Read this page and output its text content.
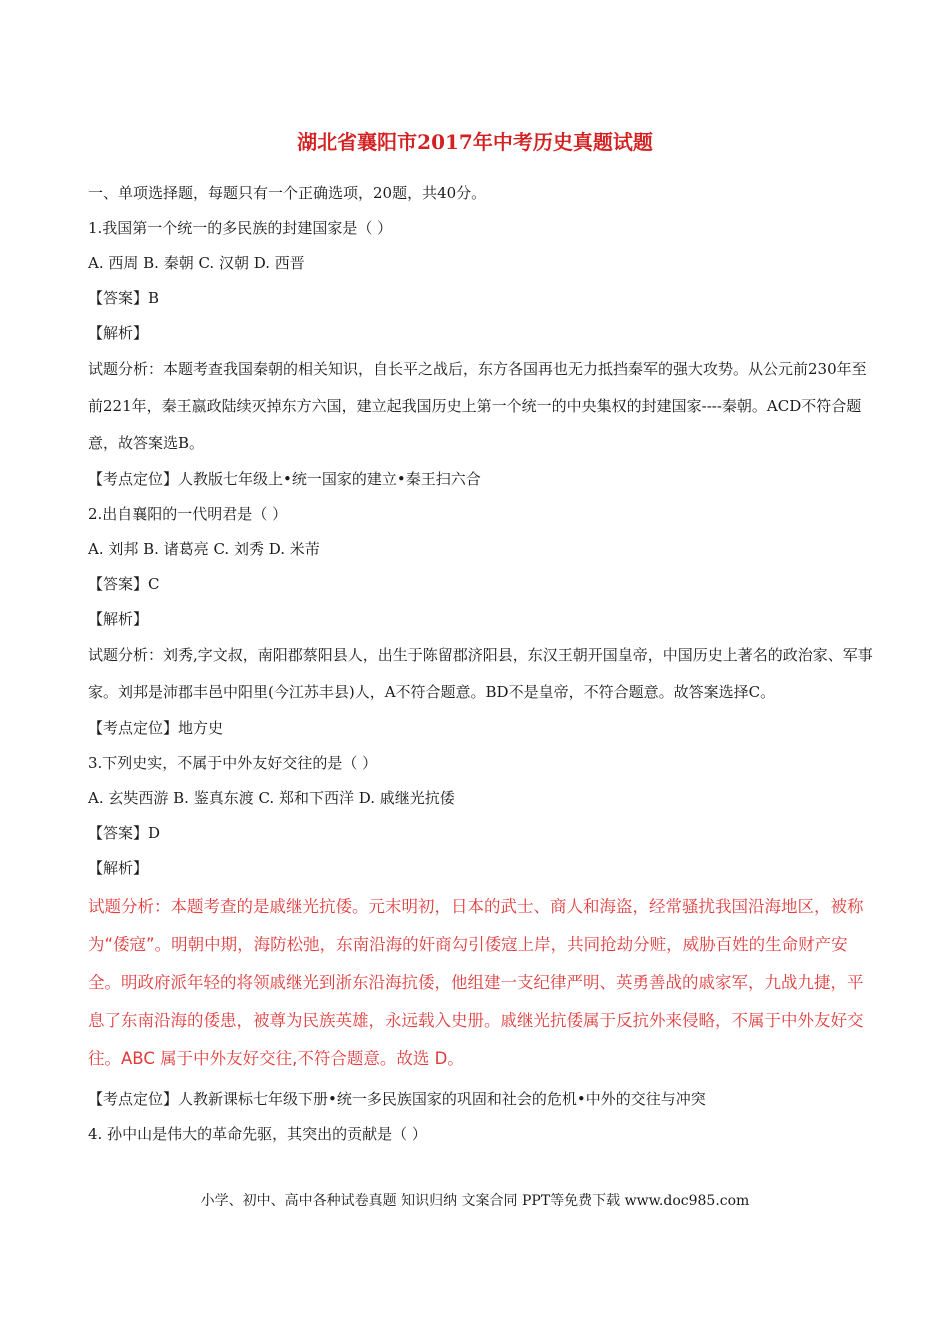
湖北省襄阳市2017年中考历史真题试题
一、单项选择题，每题只有一个正确选项，20题，共40分。
1.我国第一个统一的多民族的封建国家是（ ）
A. 西周 B. 秦朝 C. 汉朝 D. 西晋
【答案】B
【解析】
试题分析：本题考查我国秦朝的相关知识，自长平之战后，东方各国再也无力抵挡秦军的强大攻势。从公元前230年至前221年，秦王嬴政陆续灭掉东方六国，建立起我国历史上第一个统一的中央集权的封建国家----秦朝。ACD不符合题意，故答案选B。
【考点定位】人教版七年级上•统一国家的建立•秦王扫六合
2.出自襄阳的一代明君是（ ）
A. 刘邦 B. 诸葛亮 C. 刘秀 D. 米芾
【答案】C
【解析】
试题分析：刘秀,字文叔，南阳郡蔡阳县人，出生于陈留郡济阳县，东汉王朝开国皇帝，中国历史上著名的政治家、军事家。刘邦是沛郡丰邑中阳里(今江苏丰县)人，A不符合题意。BD不是皇帝，不符合题意。故答案选择C。
【考点定位】地方史
3.下列史实，不属于中外友好交往的是（ ）
A. 玄奘西游 B. 鉴真东渡 C. 郑和下西洋 D. 戚继光抗倭
【答案】D
【解析】
试题分析：本题考查的是戚继光抗倭。元末明初，日本的武士、商人和海盗，经常骚扰我国沿海地区，被称为“倭寇”。明朝中期，海防松弛，东南沿海的奸商勾引倭寇上岸，共同抢劫分赃，威胁百姓的生命财产安全。明政府派年轻的将领戚继光到浙东沿海抗倭，他组建一支纪律严明、英勇善战的戚家军，九战九捷，平息了东南沿海的倭患，被尊为民族英雄，永远载入史册。戚继光抗倭属于反抗外来侵略，不属于中外友好交往。ABC 属于中外友好交往,不符合题意。故选 D。
【考点定位】人教新课标七年级下册•统一多民族国家的巩固和社会的危机•中外的交往与冲突
4. 孙中山是伟大的革命先驱，其突出的贡献是（ ）
小学、初中、高中各种试卷真题 知识归纳 文案合同 PPT等免费下载 www.doc985.com
